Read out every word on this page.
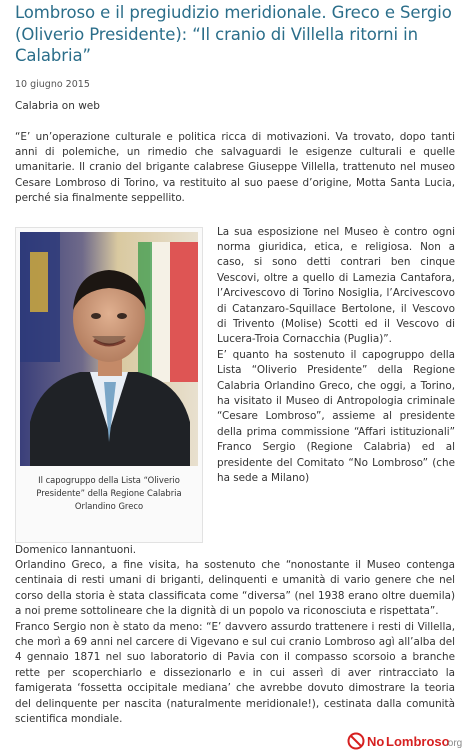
Lombroso e il pregiudizio meridionale. Greco e Sergio (Oliverio Presidente): “Il cranio di Villella ritorni in Calabria”
10 giugno 2015
Calabria on web

“E’ un’operazione culturale e politica ricca di motivazioni. Va trovato, dopo tanti anni di polemiche, un rimedio che salvaguardi le esigenze culturali e quelle umanitarie. Il cranio del brigante calabrese Giuseppe Villella, trattenuto nel museo Cesare Lombroso di Torino, va restituito al suo paese d’origine, Motta Santa Lucia, perché sia finalmente seppellito.

Il capogruppo della Lista “Oliverio Presidente” della Regione Calabria Orlandino Greco

La sua esposizione nel Museo è contro ogni norma giuridica, etica, e religiosa. Non a caso, si sono detti contrari ben cinque Vescovi, oltre a quello di Lamezia Cantafora, l’Arcivescovo di Torino Nosiglia, l’Arcivescovo di Catanzaro-Squillace Bertolone, il Vescovo di Trivento (Molise) Scotti ed il Vescovo di Lucera-Troia Cornacchia (Puglia)”.

E’ quanto ha sostenuto il capogruppo della Lista “Oliverio Presidente” della Regione Calabria Orlandino Greco, che oggi, a Torino, ha visitato il Museo di Antropologia criminale “Cesare Lombroso”, assieme al presidente della prima commissione “Affari istituzionali” Franco Sergio (Regione Calabria) ed al presidente del Comitato “No Lombroso” (che ha sede a Milano)

Domenico Iannantuoni.

Orlandino Greco, a fine visita, ha sostenuto che “nonostante il Museo contenga centinaia di resti umani di briganti, delinquenti e umanità di vario genere che nel corso della storia è stata classificata come “diversa” (nel 1938 erano oltre duemila) a noi preme sottolineare che la dignità di un popolo va riconosciuta e rispettata”.

Franco Sergio non è stato da meno: “E’ davvero assurdo trattenere i resti di Villella, che morì a 69 anni nel carcere di Vigevano e sul cui cranio Lombroso agì all’alba del 4 gennaio 1871 nel suo laboratorio di Pavia con il compasso scorsoio a branche rette per scoperchiarlo e dissezionarlo e in cui asserì di aver rintracciato la famigerata ‘fossetta occipitale mediana’ che avrebbe dovuto dimostrare la teoria del delinquente per nascita (naturalmente meridionale!), cestinata dalla comunità scientifica mondiale.

No Lombroso
.org
